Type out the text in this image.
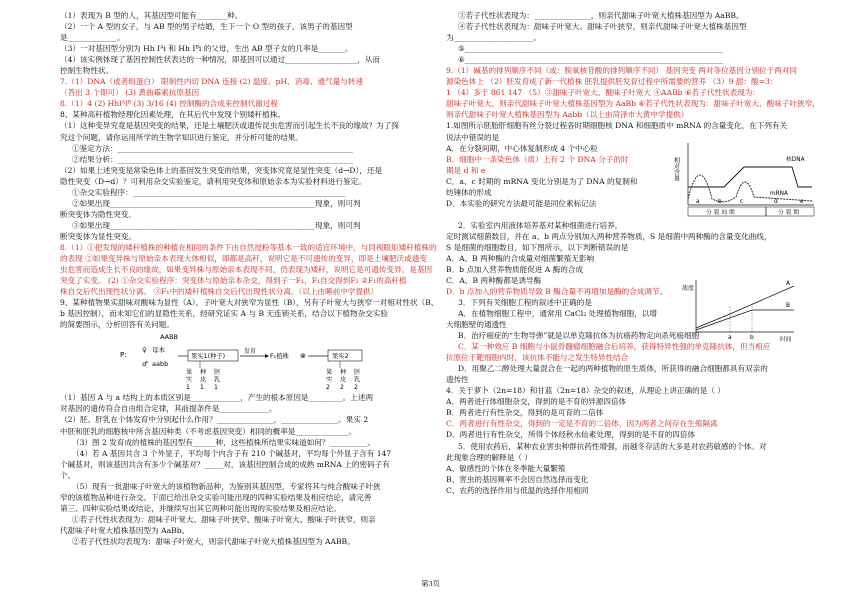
（1）表现为 B 型的人，其基因型可能有________种。
（2）一个 A 型的女子，与 AB 型的男子结婚，生下一个 O 型的孩子，该男子的基因型
是_____________。
（3）一对基因型分别为 Hh Iᴬi 和 Hh Iᴮi 的父母，生出 AB 型子女的几率是_______。
（4）该实例体现了基因控制性状表达的一种情况，即基因可以通过___________________，从而
控制生物性状。
7.（1）DNA（或者组蛋白） 限制性内切 DNA 连接 (2) 温度、pH、消毒、通气量与转速
（答出 3 个即可） (3) 黄曲霉素抗原基因
8.（1）4 (2) Hhlᴬlᴮ (3) 3/16 (4) 控制酶的合成来控制代谢过程
8、某种高秆植物经理化因素处理，在其后代中发现个别矮秆植株。
（1）这种变异究竟是基因突变的结果，还是土壤肥沃或遗传昆虫危害而引起生长不良的缘故？为了探
究这个问题，请你运用所学的生物学知识进行鉴定，并分析可能的结果。
①鉴定方法：______________________________________________________________
②结果分析：______________________________________________________________
（2）如果上述突变是常染色体上的基因发生突变的结果，突变体究竟是显性突变（d→D），还是
隐性突变（D→d）？可利用杂交实验鉴定，请利用突变体和原始亲本为实验材料进行鉴定。
①杂交实验程序：________________________________________________________
②如果出现______________________________________________________现象，则可判
断突变体为隐性突变。
③如果出现______________________________________________________现象，则可判
断突变体为显性突变。
8.（1）①把发现的矮秆植株的种植在相同的条件下由自然授粉等基本一致的适宜环境中，与同视眼矩矮秆植株的
的表现 ②如果变异株与原始亲本表现大体相似，即都是高秆，说明它是不可遗传的变异，即是土壤肥沃或遗变
虫危害而造成生长不良的缘故，如果变异株与原始亲本表现不同，仍表现为矮秆，说明它是可遗传变异，是基因
突变了实变。 (2) ①杂交实验程序：突变体与原始亲本杂交，得到子一F₁，F₁自交得到F₂ ②F₁的高秆植
株自交后代出现性状分离。 ③F₁中的矮秆植株自交后代出现性状分离。（以上由睡前中学提供）
9、某种植物果实甜味对酸味为显性（A），子叶宽大对狭窄为显性（B），另有子叶宽大与狭窄一对相对性状（B、
b 基因控制），而未知它们的显隐性关系，经研究证实 A 与 B 无连锁关系，结合以下植物杂交实验
的简要图示，分析回答有关问题。
AABB
P:
♀ 母本
♂ aabb
果实1(种子)
发育
F₁植株 ⊗	果实2
果 种 胚
实 皮 乳
1 1 1
果 种 胚
实 皮 乳
2 2 2
（1）基因 A 与 a 结构上的本质区别是_____________，产生的根本原因是_________。上述两
对基因的遗传符合自由组合定律，其前提条件是_____________。
（2）胚、肝乳在个体发育中分别起什么作用？_______________，_______________。果实 2
中胚和胚乳的细胞核中所含基因种类（不考虑基因突变）相同的概率是______________。
（3）图 2 发育成的植株的基因型有______种，这些植株所结果实味道如何？__________。
（4）若 A 基因共含 3 个外显子，平均每个内含子有 210 个碱基对，平均每个外显子含有 147
个碱基对，则该基因共含有多少个碱基对？_____对，该基因控制合成的成熟 mRNA 上的密码子有
个。
（5）现有一批甜味子叶宽大的该植物新品种，为鉴别其基因型，专家将其与纯合酸味子叶狭
窄的该植物品种进行杂交。下面已给出杂交实验可能出现的四种实验结果及相应结论，请完善
第三、四种实验结果或结论，并继续写出其它两种可能出现的实验结果及相应结论。
①若子代性状表现为：甜味子叶宽大、甜味子叶狭窄、酸味子叶宽大、酸味子叶狭窄，则亲
代甜味子叶宽大植株基因型为 AaBb。
②若子代性状均表现为：甜味子叶宽大，则亲代甜味子叶宽大植株基因型为 AABB。
③若子代性状表现为：_______________，则亲代甜味子叶宽大植株基因型为 AaBB。
④若子代性状表现为：甜味子叶宽大、甜味子叶狭窄，则亲代甜味子叶宽大植株基因型
为_____________________。
⑤____________________________________________________________________
⑥____________________________________________________________________
9.（1）碱基的排列顺序不同（或：脱氧核苷酸的排列顺序不同） 基因突变 两对等位基因分别位于两对同
源染色体上 （2）胚发育成了新一代植株 胚乳提供胚发育过程中所需要的营养 （3）9 甜：酸=3：
1 （4）多于 861 147 （5）③甜味子叶宽大、酸味子叶宽大 ④AABb ⑥若子代性状表现为：
甜味子叶宽大，则亲代甜味子叶宽大植株基因型为 AaBb ⑥若子代性状表现为：甜味子叶宽大、酸味子叶狭窄，
则亲代甜味子叶宽大植株基因型为 Aabb（以上由菏泽市大黄中学提供）
1.如图所示胚胎肝细胞有丝分裂过程各时期细胞核 DNA 和细胞质中 mRNA 的含量变化，在下列有关
说法中错误的是
A．在分裂间期，中心体复制形成 4 个中心粒
B．细胞中一条染色体（质）上有 2 个 DNA 分子的时
期是 d 和 e
C．a、c 时期的 mRNA 变化分别是为了 DNA 的复制和
纺锤体的形成
D．本实验的研究方法最可能是同位素标记法
相对含量	核DNA
mRNA
a	b	c	d	e
分 裂 间 期	分 裂 期
2．实验室内用液体培养基对某种细菌进行培养，
定时测试细菌数目，并在 a、b 两点分别加入两种营养物质，S 是细菌中两种酶的含量变化曲线，
S 是细菌的细胞数目，如下图所示，以下判断错误的是
A．A、B 两种酶的合成量对细菌繁殖无影响
B．b 点加入营养物质能促进 A 酶的合成
C．A、B 两种酶都是诱导酶
D．b 点加入的营养物质导致 B 酶合量不再增加是酶的合成调节。	浓度
a	b
A
B
时间
3．下列有关细胞工程的叙述中正确的是
A．在植物细胞工程中，通常用 CaCl₂ 处理植物细胞，以增
大细胞壁的通透性
B．治疗癌症的“生物导弹”就是以单克隆抗体为抗癌药物定向杀死癌细胞
C．某一种效应 B 细胞与小鼠骨髓瘤细胞融合后培养，获得特异性强的单克隆抗体，但当相应
抗原位于靶细胞内时，该抗体不能与之发生特异性结合
D．用聚乙二醇处理大量混合在一起的两种植物的原生质体，所获得的融合细胞都具有双亲的
遗传性
4．关于萝卜（2n=18）和甘蓝（2n=18）杂交的叙述，从理论上讲正确的是（ ）
A．两者进行体细胞杂交，得到的是不育的异源四倍体
B．两者进行有性杂交，得到的是可育的二倍体
C．两者进行有性杂交，得到的一定是不育的二倍体，因为两者之间存在生殖隔离
D．两者进行有性杂交，所得个体经秋水仙素处理，得到的是不育的四倍体
5．使用农药后，某种农业害虫种群抗药性增强，而越冬存活的大多是对农药敏感的个体。对
此现象合理的解释是（ ）
A、敏感性的个体在冬季能大量繁殖
B、害虫的基因频率不会因自然选择而变化
C、农药的选择作用与低温的选择作用相同
第3页
